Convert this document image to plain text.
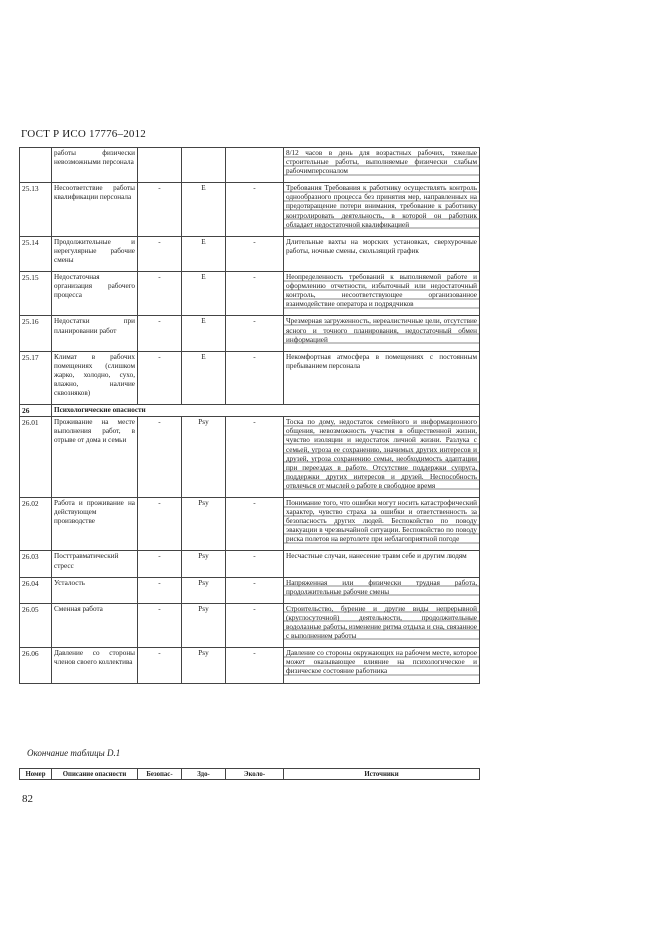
ГОСТ Р ИСО 17776–2012
	работы физически невозможными персонала				8/12 часов в день для возрастных рабочих, тяжелые строительные работы, выполняемые физически слабым рабочимперсоналом
25.13	Несоответствие работы квалификации персонала	-	E	-	Требования Требования к работнику осуществлять контроль однообразного процесса без принятия мер, направленных на предотвращение потери внимания, требование к работнику контролировать деятельность, в которой он работник обладает недостаточной квалификацией
25.14	Продолжительные и нерегулярные рабочие смены	-	E	-	Длительные вахты на морских установках, сверхурочные работы, ночные смены, скользящий график
25.15	Недостаточная организация рабочего процесса	-	E	-	Неопределенность требований к выполняемой работе и оформлению отчетности, избыточный или недостаточный контроль, несоответствующее организованное взаимодействие оператора и подрядчиков
25.16	Недостатки при планировании работ	-	E	-	Чрезмерная загруженность, нереалистичные цели, отсутствие ясного и точного планирования, недостаточный обмен информацией
25.17	Климат в рабочих помещениях (слишком жарко, холодно, сухо, влажно, наличие сквозняков)	-	E	-	Некомфортная атмосфера в помещениях с постоянным пребыванием персонала
26	Психологические опасности				
26.01	Проживание на месте выполнения работ, в отрыве от дома и семьи	-	Psy	-	Тоска по дому, недостаток семейного и информационного общения, невозможность участия в общественной жизни, чувство изоляции и недостаток личной жизни. Разлука с семьей, угроза ее сохранению, значимых других интересов и друзей, угроза сохранению семьи, необходимость адаптации при переездах в работе. Отсутствие поддержки супруга, поддержки других интересов и друзей. Неспособность отвлечься от мыслей о работе в свободное время
26.02	Работа и проживание на действующем производстве	-	Psy	-	Понимание того, что ошибки могут носить катастрофический характер, чувство страха за ошибки и ответственность за безопасность других людей. Беспокойство по поводу эвакуации в чрезвычайной ситуации. Беспокойство по поводу риска полетов на вертолете при неблагоприятной погоде
26.03	Посттравматический стресс	-	Psy	-	Несчастные случаи, нанесение травм себе и другим людям
26.04	Усталость	-	Psy	-	Напряженная или физически трудная работа, продолжительные рабочие смены
26.05	Сменная работа	-	Psy	-	Строительство, бурение и другие виды непрерывной (круглосуточной) деятельности, продолжительные водолазные работы, изменение ритма отдыха и сна, связанное с выполнением работы
26.06	Давление со стороны членов своего коллектива	-	Psy	-	Давление со стороны окружающих на рабочем месте, которое может оказывающее влияние на психологическое и физическое состояние работника
Окончание таблицы D.1
Номер	Описание опасности	Безопас-	Здо-	Эколо-	Источники
82
